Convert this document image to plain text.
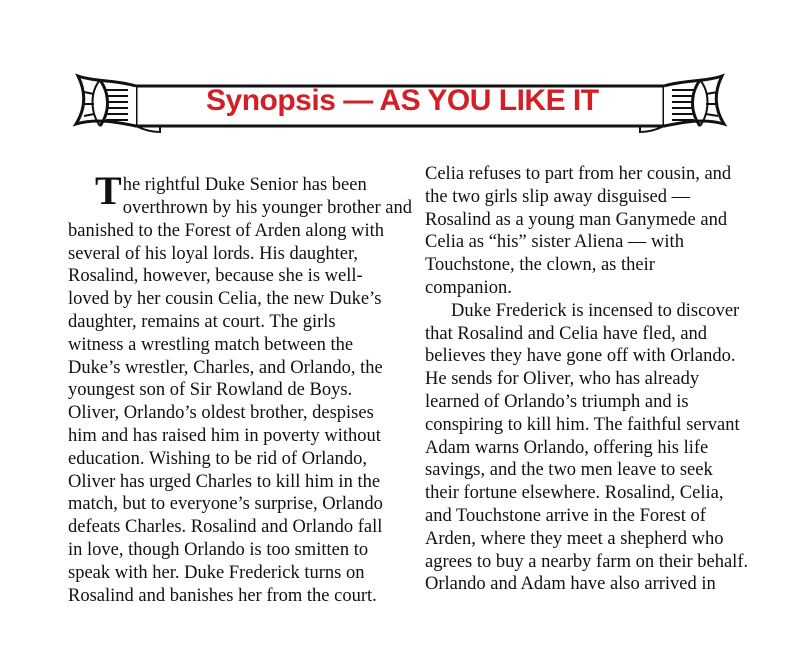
Synopsis — AS YOU LIKE IT
T he rightful Duke Senior has been
overthrown by his younger brother and
banished to the Forest of Arden along with
several of his loyal lords. His daughter,
Rosalind, however, because she is well-
loved by her cousin Celia, the new Duke’s
daughter, remains at court. The girls
witness a wrestling match between the
Duke’s wrestler, Charles, and Orlando, the
youngest son of Sir Rowland de Boys.
Oliver, Orlando’s oldest brother, despises
him and has raised him in poverty without
education. Wishing to be rid of Orlando,
Oliver has urged Charles to kill him in the
match, but to everyone’s surprise, Orlando
defeats Charles. Rosalind and Orlando fall
in love, though Orlando is too smitten to
speak with her. Duke Frederick turns on
Rosalind and banishes her from the court.
Celia refuses to part from her cousin, and
the two girls slip away disguised —
Rosalind as a young man Ganymede and
Celia as “his” sister Aliena — with
Touchstone, the clown, as their
companion.
Duke Frederick is incensed to discover
that Rosalind and Celia have fled, and
believes they have gone off with Orlando.
He sends for Oliver, who has already
learned of Orlando’s triumph and is
conspiring to kill him. The faithful servant
Adam warns Orlando, offering his life
savings, and the two men leave to seek
their fortune elsewhere. Rosalind, Celia,
and Touchstone arrive in the Forest of
Arden, where they meet a shepherd who
agrees to buy a nearby farm on their behalf.
Orlando and Adam have also arrived in
